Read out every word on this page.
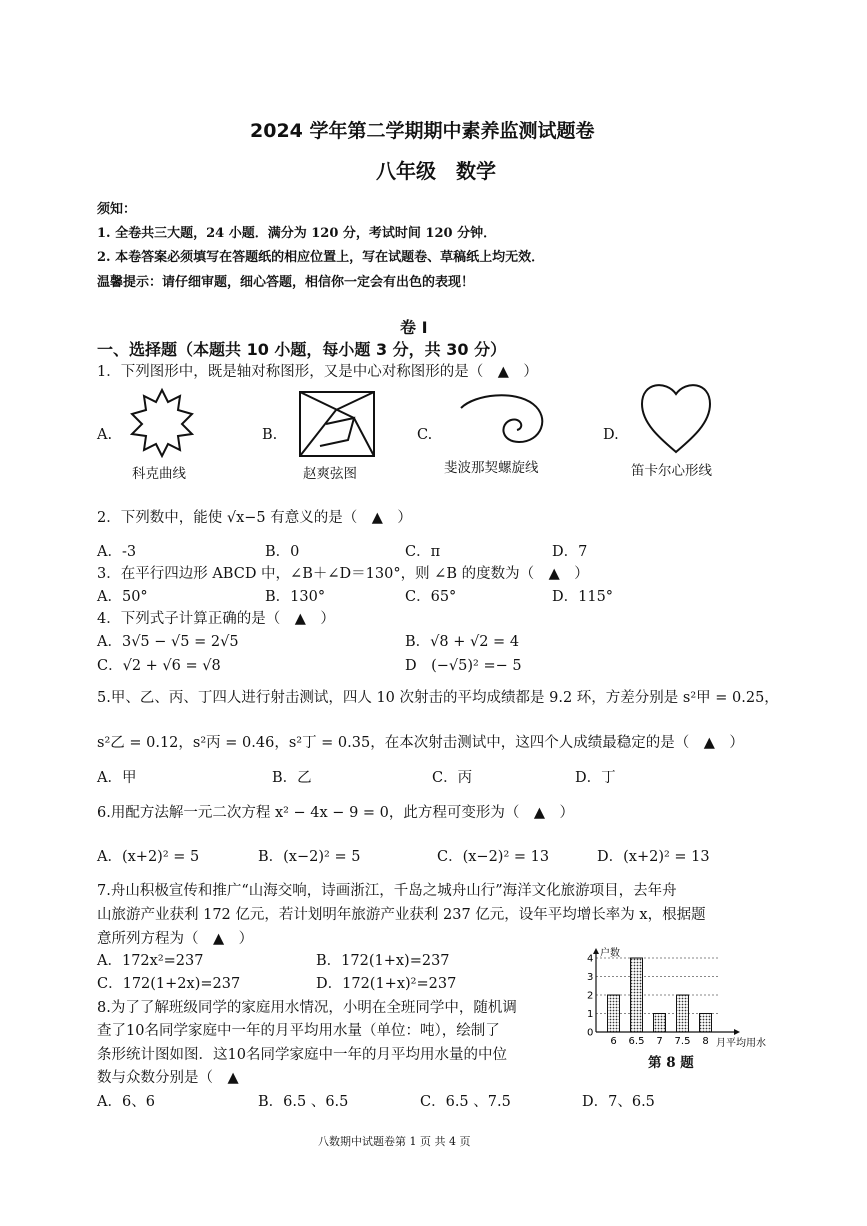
2024 学年第二学期期中素养监测试题卷
八年级　数学
须知：
1. 全卷共三大题，24 小题．满分为 120 分，考试时间 120 分钟．
2. 本卷答案必须填写在答题纸的相应位置上，写在试题卷、草稿纸上均无效．
温馨提示：请仔细审题，细心答题，相信你一定会有出色的表现！
卷 I
一、选择题（本题共 10 小题，每小题 3 分，共 30 分）
1．下列图形中，既是轴对称图形，又是中心对称图形的是（　▲　）
A.
科克曲线
B.
赵爽弦图
C.
斐波那契螺旋线
D.
笛卡尔心形线
2．下列数中，能使 √x−5 有意义的是（　▲　）
A．-3	B．0	C．π	D．7
3．在平行四边形 ABCD 中，∠B＋∠D＝130°，则 ∠B 的度数为（　▲　）
A．50°	B．130°	C．65°	D．115°
4．下列式子计算正确的是（　▲　）
A．3√5 − √5 = 2√5	B．√8 + √2 = 4
C．√2 + √6 = √8	D　(−√5)² =− 5
5.甲、乙、丙、丁四人进行射击测试，四人 10 次射击的平均成绩都是 9.2 环，方差分别是 s²甲 = 0.25，
s²乙 = 0.12，s²丙 = 0.46，s²丁 = 0.35，在本次射击测试中，这四个人成绩最稳定的是（　▲　）
A．甲	B．乙	C．丙	D．丁
6.用配方法解一元二次方程 x² − 4x − 9 = 0，此方程可变形为（　▲　）
A．(x+2)² = 5	B．(x−2)² = 5	C．(x−2)² = 13	D．(x+2)² = 13
7.舟山积极宣传和推广“山海交响，诗画浙江，千岛之城舟山行”海洋文化旅游项目，去年舟
山旅游产业获利 172 亿元，若计划明年旅游产业获利 237 亿元，设年平均增长率为 x，根据题
意所列方程为（　▲　）
A．172x²=237	B．172(1+x)=237
C．172(1+2x)=237	D．172(1+x)²=237
8.为了了解班级同学的家庭用水情况，小明在全班同学中，随机调
查了10名同学家庭中一年的月平均用水量（单位：吨），绘制了
条形统计图如图．这10名同学家庭中一年的月平均用水量的中位
数与众数分别是（　▲
A．6、6	B．6.5 、6.5	C．6.5 、7.5	D．7、6.5
0
1
2
3
4
6 6.5 7 7.5 8
户数
月平均用水
第 8 题
八数期中试题卷第 1 页 共 4 页
